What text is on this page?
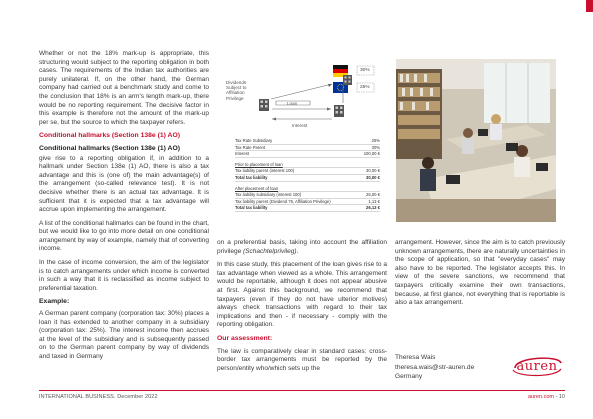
Whether or not the 18% mark-up is appropriate, this structuring would subject to the reporting obligation in both cases. The requirements of the Indian tax authorities are purely unilateral. If, on the other hand, the German company had carried out a benchmark study and come to the conclusion that 18% is an arm's length mark-up, there would be no reporting requirement. The decisive factor in this example is therefore not the amount of the mark-up per se, but the source to which the taxpayer refers.

Conditional hallmarks (Section 138e (1) AO)
Conditional hallmarks (Section 138e (1) AO)

give rise to a reporting obligation if, in addition to a hallmark under Section 138e (1) AO, there is also a tax advantage and this is (one of) the main advantage(s) of the arrangement (so-called relevance test). It is not decisive whether there is an actual tax advantage. It is sufficient that it is expected that a tax advantage will accrue upon implementing the arrangement.

A list of the conditional hallmarks can be found in the chart, but we would like to go into more detail on one conditional arrangement by way of example, namely that of converting income.

In the case of income conversion, the aim of the legislator is to catch arrangements under which income is converted in such a way that it is reclassified as income subject to preferential taxation.

Example:

A German parent company (corporation tax: 30%) places a loan it has extended to another company in a subsidiary (corporation tax: 25%). The interest income then accrues at the level of the subsidiary and is subsequently passed on to the German parent company by way of dividends and taxed in Germany

30%
25%
Dividends Subject to Affiliation Privilege
Loan
Interest
Tax Rate Subsidiary	25%
Tax Rate Parent	30%
Interest	100,00 €
Prior to placement of loan
Tax liability parent (interest 100)	30,00 €
Total tax liability	30,00 €
After placement of loan
Tax liability subsidiary (interest 100)	25,00 €
Tax liability parent (Dividend 75, Affiliation Privilege)	1,13 €
Total tax liability	26,13 €

on a preferential basis, taking into account the affiliation privilege (Schachtelprivileg).

In this case study, this placement of the loan gives rise to a tax advantage when viewed as a whole. This arrangement would be reportable, although it does not appear abusive at first. Against this background, we recommend that taxpayers (even if they do not have ulterior motives) always check transactions with regard to their tax implications and then - if necessary - comply with the reporting obligation.

Our assessment:

The law is comparatively clear in standard cases: cross-border tax arrangements must be reported by the person/entity who/which sets up the

arrangement. However, since the aim is to catch previously unknown arrangements, there are naturally uncertainties in the scope of application, so that "everyday cases" may also have to be reported. The legislator accepts this. In view of the severe sanctions, we recommend that taxpayers critically examine their own transactions, because, at first glance, not everything that is reportable is also a tax arrangement.

Theresa Wais
theresa.wais@str-auren.de
Germany
auren
INTERNATIONAL BUSINESS. December 2022	auren.com - 10
